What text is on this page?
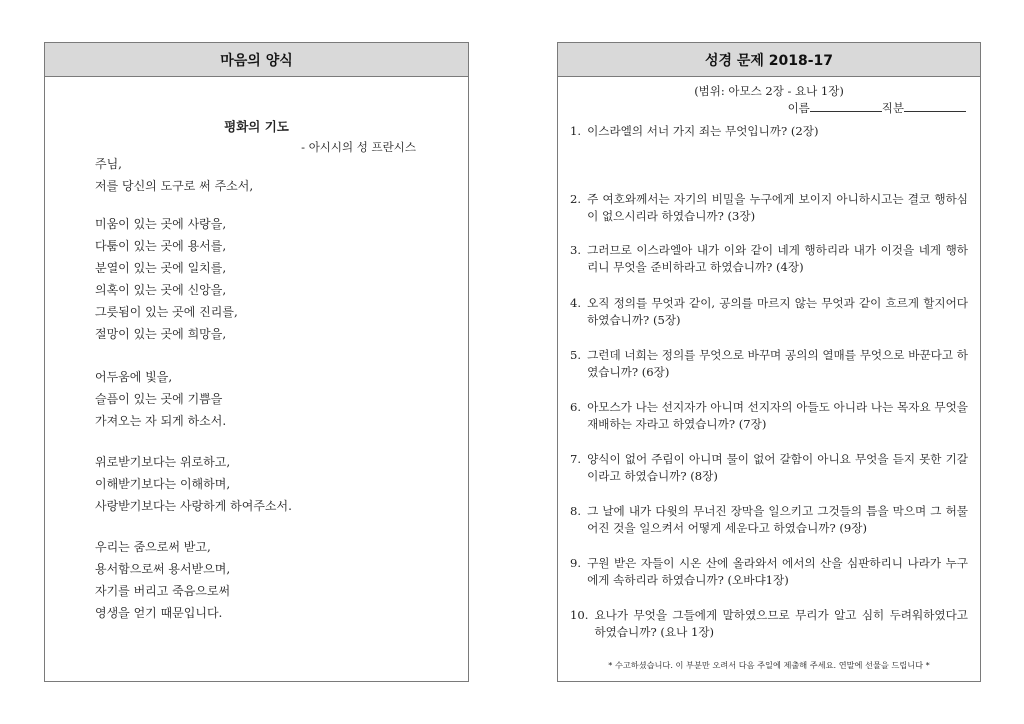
마음의 양식
평화의 기도
- 아시시의 성 프란시스
주님,
저를 당신의 도구로 써 주소서,
미움이 있는 곳에 사랑을,
다툼이 있는 곳에 용서를,
분열이 있는 곳에 일치를,
의혹이 있는 곳에 신앙을,
그릇됨이 있는 곳에 진리를,
절망이 있는 곳에 희망을,
어두움에 빛을,
슬픔이 있는 곳에 기쁨을
가져오는 자 되게 하소서.
위로받기보다는 위로하고,
이해받기보다는 이해하며,
사랑받기보다는 사랑하게 하여주소서.
우리는 줌으로써 받고,
용서함으로써 용서받으며,
자기를 버리고 죽음으로써
영생을 얻기 때문입니다.
성경 문제 2018-17
(범위: 아모스 2장 - 요나 1장)
이름	직분
1. 이스라엘의 서너 가지 죄는 무엇입니까? (2장)
2. 주 여호와께서는 자기의 비밀을 누구에게 보이지 아니하시고는 결코 행하심이 없으시리라 하였습니까? (3장)
3. 그러므로 이스라엘아 내가 이와 같이 네게 행하리라 내가 이것을 네게 행하리니 무엇을 준비하라고 하였습니까? (4장)
4. 오직 정의를 무엇과 같이, 공의를 마르지 않는 무엇과 같이 흐르게 할지어다 하였습니까? (5장)
5. 그런데 너희는 정의를 무엇으로 바꾸며 공의의 열매를 무엇으로 바꾼다고 하였습니까? (6장)
6. 아모스가 나는 선지자가 아니며 선지자의 아들도 아니라 나는 목자요 무엇을 재배하는 자라고 하였습니까? (7장)
7. 양식이 없어 주림이 아니며 물이 없어 갈함이 아니요 무엇을 듣지 못한 기갈이라고 하였습니까? (8장)
8. 그 날에 내가 다윗의 무너진 장막을 일으키고 그것들의 틈을 막으며 그 허물어진 것을 일으켜서 어떻게 세운다고 하였습니까? (9장)
9. 구원 받은 자들이 시온 산에 올라와서 에서의 산을 심판하리니 나라가 누구에게 속하리라 하였습니까? (오바댜1장)
10. 요나가 무엇을 그들에게 말하였으므로 무리가 알고 심히 두려워하였다고 하였습니까? (요나 1장)
* 수고하셨습니다. 이 부분만 오려서 다음 주일에 제출해 주세요. 연말에 선물을 드립니다 *
